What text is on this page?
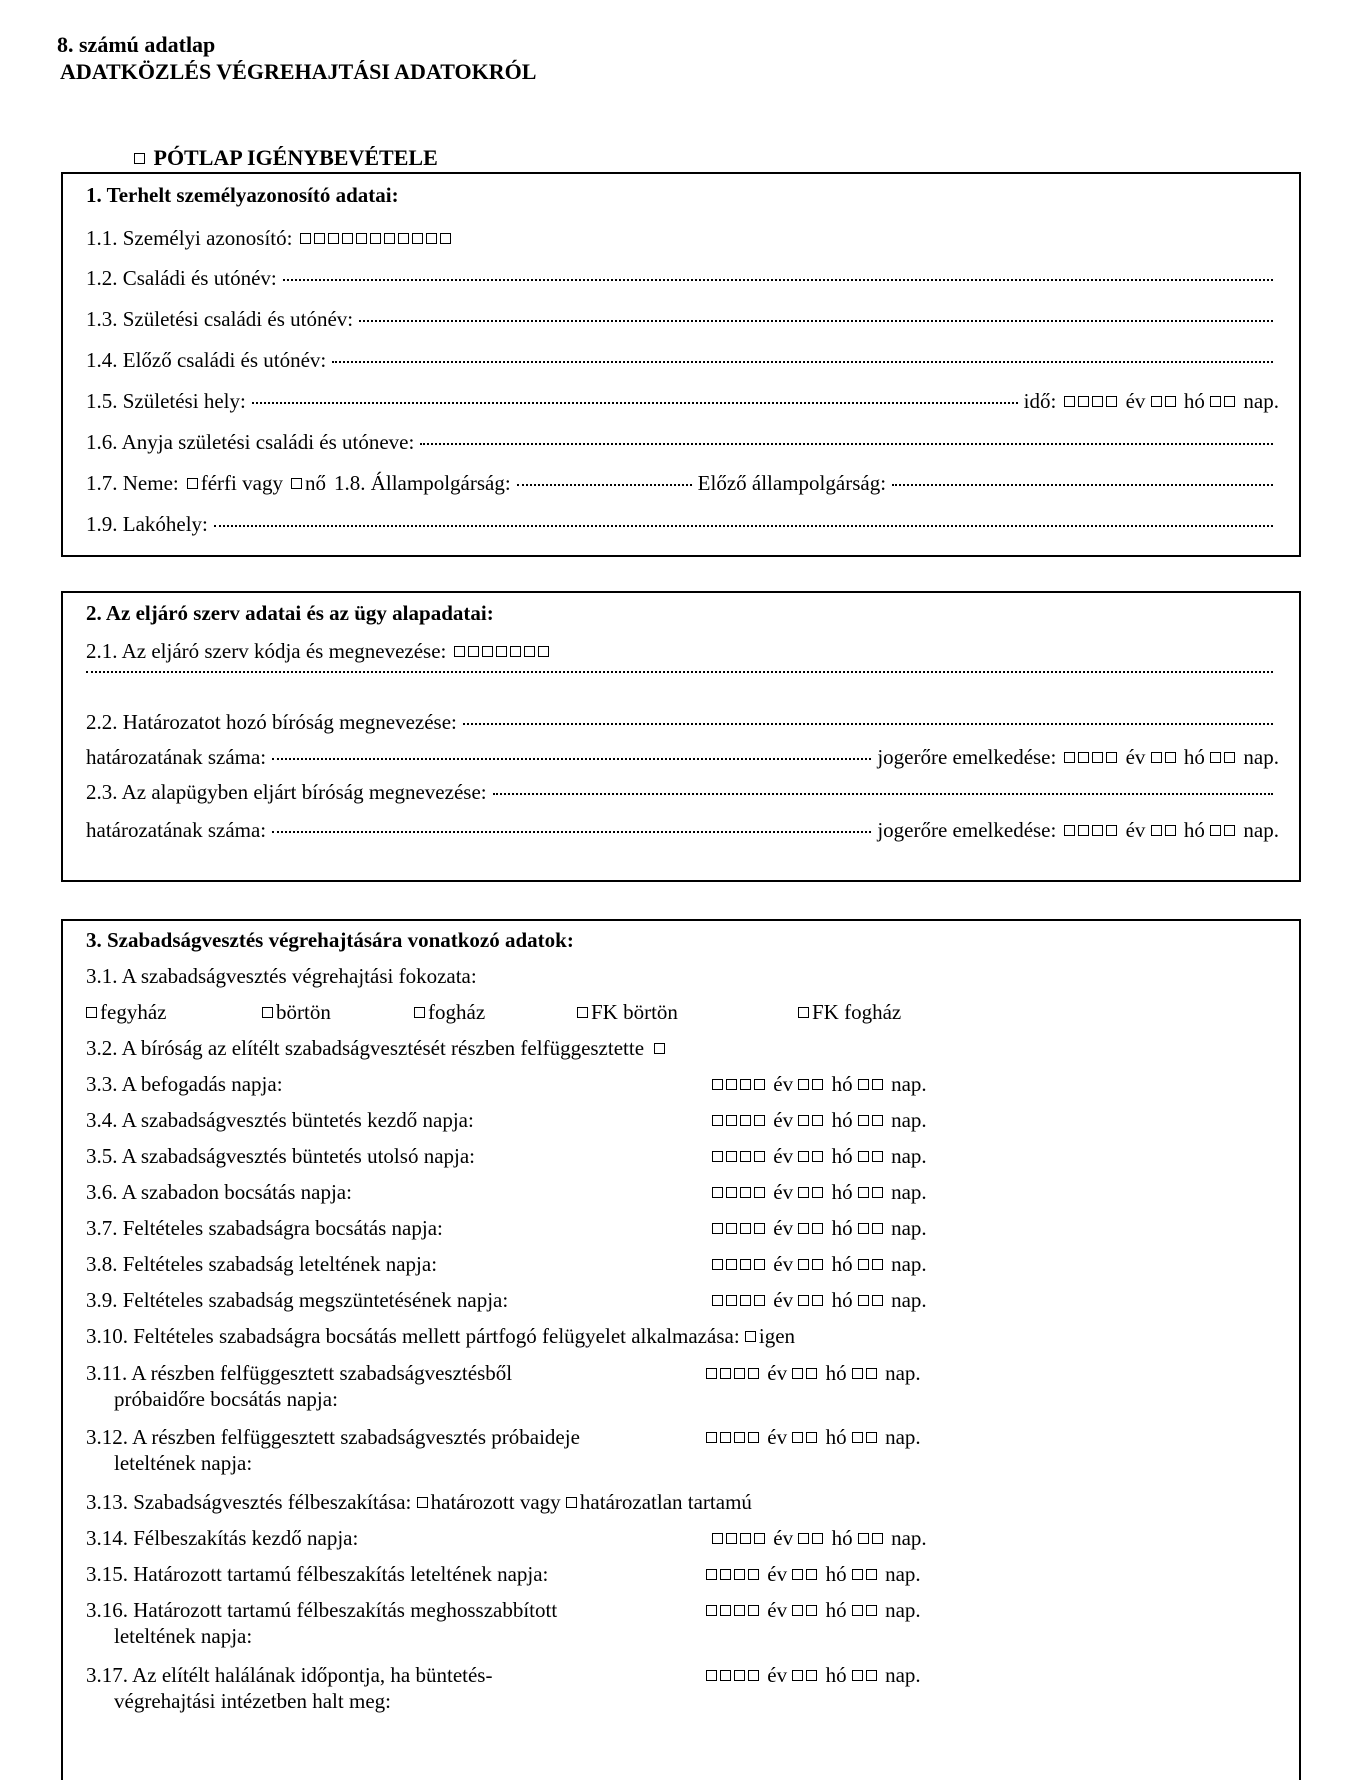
8. számú adatlap
ADATKÖZLÉS VÉGREHAJTÁSI ADATOKRÓL
PÓTLAP IGÉNYBEVÉTELE
1. Terhelt személyazonosító adatai:
1.1. Személyi azonosító:
1.2. Családi és utónév:
1.3. Születési családi és utónév:
1.4. Előző családi és utónév:
1.5. Születési hely:	idő:	év hó nap.
1.6. Anyja születési családi és utóneve:
1.7. Neme:	férfi vagy	nő 1.8. Állampolgárság:	Előző állampolgárság:
1.9. Lakóhely:
2. Az eljáró szerv adatai és az ügy alapadatai:
2.1. Az eljáró szerv kódja és megnevezése:
2.2. Határozatot hozó bíróság megnevezése:
határozatának száma:	jogerőre emelkedése:	év hó nap.
2.3. Az alapügyben eljárt bíróság megnevezése:
határozatának száma:	jogerőre emelkedése:	év hó nap.
3. Szabadságvesztés végrehajtására vonatkozó adatok:
3.1. A szabadságvesztés végrehajtási fokozata:
fegyház	börtön	fogház	FK börtön	FK fogház
3.2. A bíróság az elítélt szabadságvesztését részben felfüggesztette
3.3. A befogadás napja:	év hó nap.
3.4. A szabadságvesztés büntetés kezdő napja:	év hó nap.
3.5. A szabadságvesztés büntetés utolsó napja:	év hó nap.
3.6. A szabadon bocsátás napja:	év hó nap.
3.7. Feltételes szabadságra bocsátás napja:	év hó nap.
3.8. Feltételes szabadság leteltének napja:	év hó nap.
3.9. Feltételes szabadság megszüntetésének napja:	év hó nap.
3.10. Feltételes szabadságra bocsátás mellett pártfogó felügyelet alkalmazása: igen
3.11. A részben felfüggesztett szabadságvesztésből
próbaidőre bocsátás napja:
év hó nap.
3.12. A részben felfüggesztett szabadságvesztés próbaideje
leteltének napja:
év hó nap.
3.13. Szabadságvesztés félbeszakítása: határozott vagy határozatlan tartamú
3.14. Félbeszakítás kezdő napja:	év hó nap.
3.15. Határozott tartamú félbeszakítás leteltének napja:	év hó nap.
3.16. Határozott tartamú félbeszakítás meghosszabbított
leteltének napja:
év hó nap.
3.17. Az elítélt halálának időpontja, ha büntetés-
végrehajtási intézetben halt meg:
év hó nap.
